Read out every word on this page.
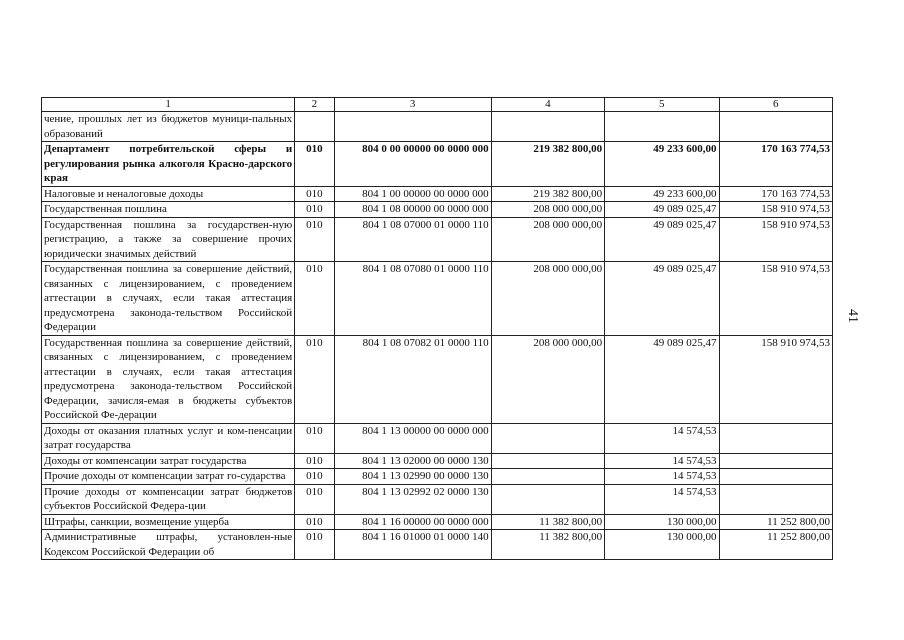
1	2	3	4	5	6
чение, прошлых лет из бюджетов муници-пальных образований					
Департамент потребительской сферы и регулирования рынка алкоголя Красно-дарского края	010	804 0 00 00000 00 0000 000	219 382 800,00	49 233 600,00	170 163 774,53
Налоговые и неналоговые доходы	010	804 1 00 00000 00 0000 000	219 382 800,00	49 233 600,00	170 163 774,53
Государственная пошлина	010	804 1 08 00000 00 0000 000	208 000 000,00	49 089 025,47	158 910 974,53
Государственная пошлина за государствен-ную регистрацию, а также за совершение прочих юридически значимых действий	010	804 1 08 07000 01 0000 110	208 000 000,00	49 089 025,47	158 910 974,53
Государственная пошлина за совершение действий, связанных с лицензированием, с проведением аттестации в случаях, если такая аттестация предусмотрена законода-тельством Российской Федерации	010	804 1 08 07080 01 0000 110	208 000 000,00	49 089 025,47	158 910 974,53
Государственная пошлина за совершение действий, связанных с лицензированием, с проведением аттестации в случаях, если такая аттестация предусмотрена законода-тельством Российской Федерации, зачисля-емая в бюджеты субъектов Российской Фе-дерации	010	804 1 08 07082 01 0000 110	208 000 000,00	49 089 025,47	158 910 974,53
Доходы от оказания платных услуг и ком-пенсации затрат государства	010	804 1 13 00000 00 0000 000		14 574,53	
Доходы от компенсации затрат государства	010	804 1 13 02000 00 0000 130		14 574,53	
Прочие доходы от компенсации затрат го-сударства	010	804 1 13 02990 00 0000 130		14 574,53	
Прочие доходы от компенсации затрат бюджетов субъектов Российской Федера-ции	010	804 1 13 02992 02 0000 130		14 574,53	
Штрафы, санкции, возмещение ущерба	010	804 1 16 00000 00 0000 000	11 382 800,00	130 000,00	11 252 800,00
Административные штрафы, установлен-ные Кодексом Российской Федерации об	010	804 1 16 01000 01 0000 140	11 382 800,00	130 000,00	11 252 800,00
41
